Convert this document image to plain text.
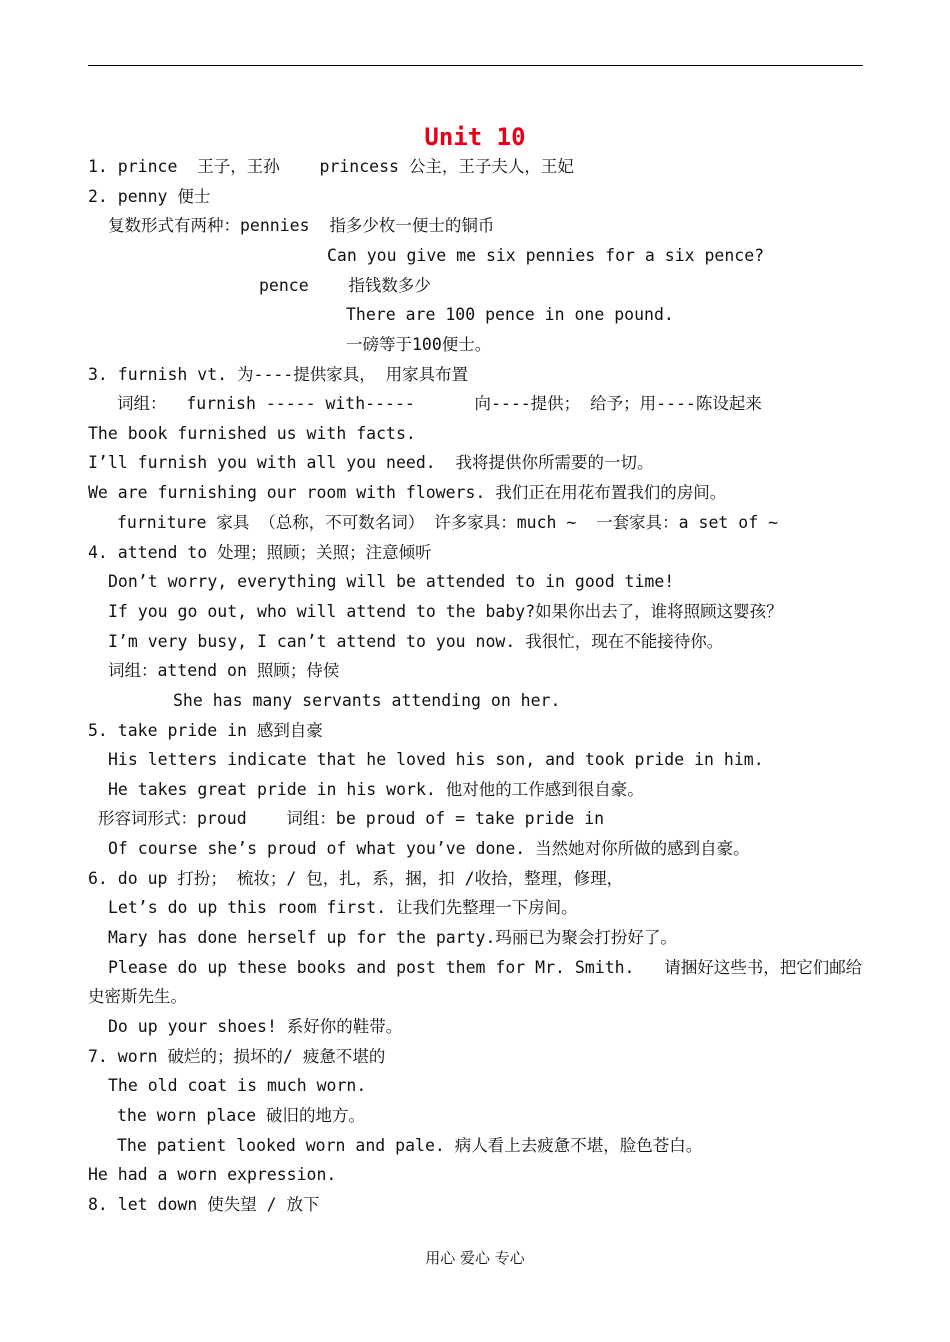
Unit 10
1. prince  王子，王孙    princess 公主，王子夫人，王妃
2. penny 便士
复数形式有两种：pennies  指多少枚一便士的铜币
Can you give me six pennies for a six pence?
pence    指钱数多少
There are 100 pence in one pound.
一磅等于100便士。
3. furnish vt. 为----提供家具， 用家具布置
词组：  furnish ----- with-----      向----提供； 给予；用----陈设起来
The book furnished us with facts.
I’ll furnish you with all you need.  我将提供你所需要的一切。
We are furnishing our room with flowers. 我们正在用花布置我们的房间。
furniture 家具 （总称，不可数名词） 许多家具：much ~  一套家具：a set of ~
4. attend to 处理；照顾；关照；注意倾听
Don’t worry, everything will be attended to in good time!
If you go out, who will attend to the baby?如果你出去了，谁将照顾这婴孩？
I’m very busy, I can’t attend to you now. 我很忙，现在不能接待你。
词组：attend on 照顾；侍侯
She has many servants attending on her.
5. take pride in 感到自豪
His letters indicate that he loved his son, and took pride in him.
He takes great pride in his work. 他对他的工作感到很自豪。
形容词形式：proud    词组：be proud of = take pride in
Of course she’s proud of what you’ve done. 当然她对你所做的感到自豪。
6. do up 打扮； 梳妆；/ 包，扎，系，捆，扣 /收拾，整理，修理，
Let’s do up this room first. 让我们先整理一下房间。
Mary has done herself up for the party.玛丽已为聚会打扮好了。
Please do up these books and post them for Mr. Smith.   请捆好这些书，把它们邮给
史密斯先生。
Do up your shoes! 系好你的鞋带。
7. worn 破烂的；损坏的/ 疲惫不堪的
The old coat is much worn.
the worn place 破旧的地方。
The patient looked worn and pale. 病人看上去疲惫不堪，脸色苍白。
He had a worn expression.
8. let down 使失望 / 放下
用心 爱心 专心
